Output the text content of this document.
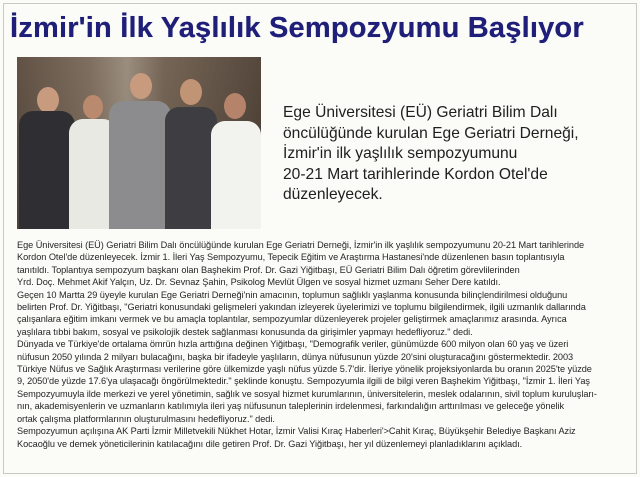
İzmir'in İlk Yaşlılık Sempozyumu Başlıyor

Ege Üniversitesi (EÜ) Geriatri Bilim Dalı

öncülüğünde kurulan Ege Geriatri Derneği,

İzmir'in ilk yaşlılık sempozyumunu

20-21 Mart tarihlerinde Kordon Otel'de

düzenleyecek.

Ege Üniversitesi (EÜ) Geriatri Bilim Dalı öncülüğünde kurulan Ege Geriatri Derneği, İzmir'in ilk yaşlılık sempozyumunu 20-21 Mart tarihlerinde

Kordon Otel'de düzenleyecek. İzmir 1. İleri Yaş Sempozyumu, Tepecik Eğitim ve Araştırma Hastanesi'nde düzenlenen basın toplantısıyla

tanıtıldı. Toplantıya sempozyum başkanı olan Başhekim Prof. Dr. Gazi Yiğitbaşı, EÜ Geriatri Bilim Dalı öğretim görevlilerinden

Yrd. Doç. Mehmet Akif Yalçın, Uz. Dr. Sevnaz Şahin, Psikolog Mevlüt Ülgen ve sosyal hizmet uzmanı Seher Dere katıldı.

Geçen 10 Martta 29 üyeyle kurulan Ege Geriatri Derneği'nin amacının, toplumun sağlıklı yaşlanma konusunda bilinçlendirilmesi olduğunu

belirten Prof. Dr. Yiğitbaşı, "Geriatri konusundaki gelişmeleri yakından izleyerek üyelerimizi ve toplumu bilgilendirmek, ilgili uzmanlık dallarında

çalışanlara eğitim imkanı vermek ve bu amaçla toplantılar, sempozyumlar düzenleyerek projeler geliştirmek amaçlarımız arasında. Ayrıca

yaşlılara tıbbi bakım, sosyal ve psikolojik destek sağlanması konusunda da girişimler yapmayı hedefliyoruz." dedi.

Dünyada ve Türkiye'de ortalama ömrün hızla arttığına değinen Yiğitbaşı, "Demografik veriler, günümüzde 600 milyon olan 60 yaş ve üzeri

nüfusun 2050 yılında 2 milyarı bulacağını, başka bir ifadeyle yaşlıların, dünya nüfusunun yüzde 20'sini oluşturacağını göstermektedir. 2003

Türkiye Nüfus ve Sağlık Araştırması verilerine göre ülkemizde yaşlı nüfus yüzde 5.7'dir. İleriye yönelik projeksiyonlarda bu oranın 2025'te yüzde

9, 2050'de yüzde 17.6'ya ulaşacağı öngörülmektedir." şeklinde konuştu. Sempozyumla ilgili de bilgi veren Başhekim Yiğitbaşı, "İzmir 1. İleri Yaş

Sempozyumuyla ilde merkezi ve yerel yönetimin, sağlık ve sosyal hizmet kurumlarının, üniversitelerin, meslek odalarının, sivil toplum kuruluşları-

nın, akademisyenlerin ve uzmanların katılımıyla ileri yaş nüfusunun taleplerinin irdelenmesi, farkındalığın arttırılması ve geleceğe yönelik

ortak çalışma platformlarının oluşturulmasını hedefliyoruz." dedi.

Sempozyumun açılışına AK Parti İzmir Milletvekili Nükhet Hotar, İzmir Valisi Kıraç Haberleri'>Cahit Kıraç, Büyükşehir Belediye Başkanı Aziz

Kocaoğlu ve demek yöneticilerinin katılacağını dile getiren Prof. Dr. Gazi Yiğitbaşı, her yıl düzenlemeyi planladıklarını açıkladı.
